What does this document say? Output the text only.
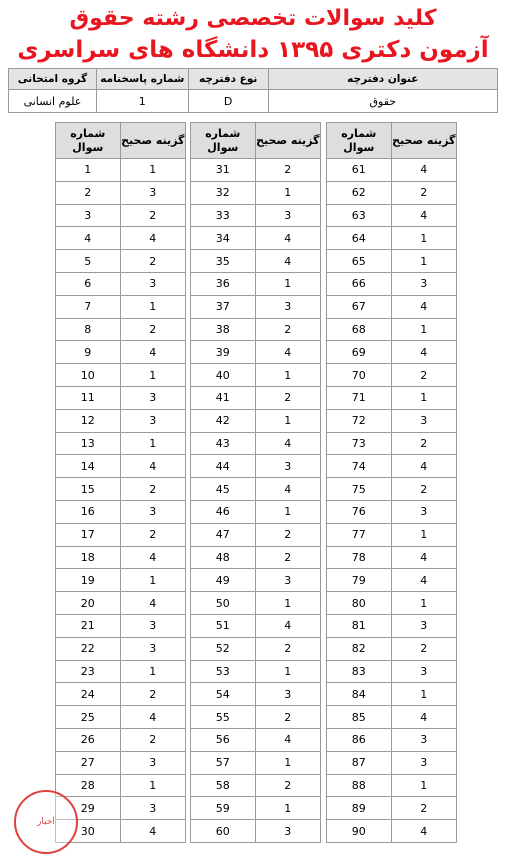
کلید سوالات تخصصی رشته حقوق
آزمون دکتری ۱۳۹۵ دانشگاه های سراسری
عنوان دفترچه	نوع دفترچه	شماره پاسخنامه	گروه امتحانی
حقوق	D	1	علوم انسانی
شماره سوال	گزینه صحیح
61	4
62	2
63	4
64	1
65	1
66	3
67	4
68	1
69	4
70	2
71	1
72	3
73	2
74	4
75	2
76	3
77	1
78	4
79	4
80	1
81	3
82	2
83	3
84	1
85	4
86	3
87	3
88	1
89	2
90	4
شماره سوال	گزینه صحیح
31	2
32	1
33	3
34	4
35	4
36	1
37	3
38	2
39	4
40	1
41	2
42	1
43	4
44	3
45	4
46	1
47	2
48	2
49	3
50	1
51	4
52	2
53	1
54	3
55	2
56	4
57	1
58	2
59	1
60	3
شماره سوال	گزینه صحیح
1	1
2	3
3	2
4	4
5	2
6	3
7	1
8	2
9	4
10	1
11	3
12	3
13	1
14	4
15	2
16	3
17	2
18	4
19	1
20	4
21	3
22	3
23	1
24	2
25	4
26	2
27	3
28	1
29	3
30	4
اخبار
